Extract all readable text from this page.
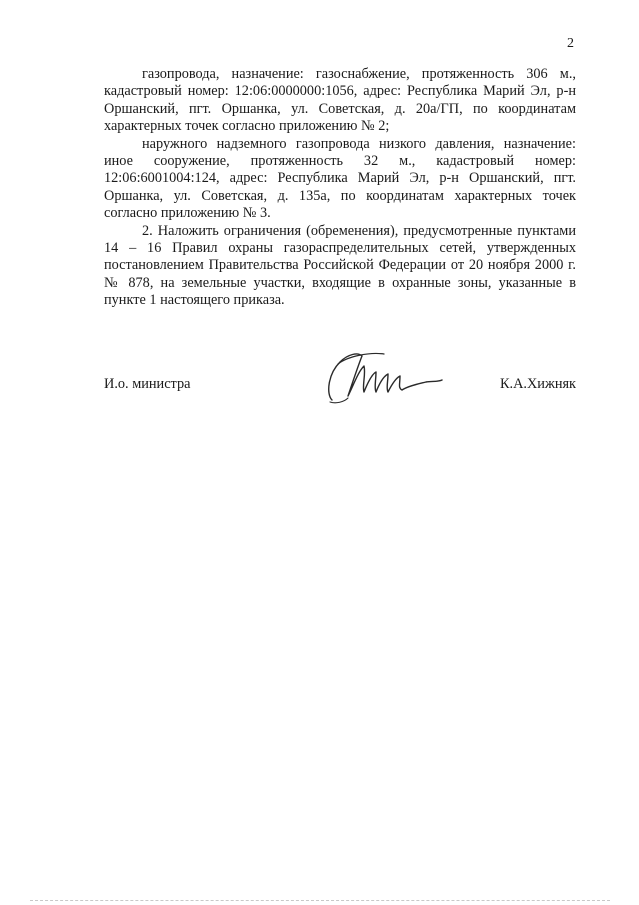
2

газопровода, назначение: газоснабжение, протяженность 306 м., кадастровый номер: 12:06:0000000:1056, адрес: Республика Марий Эл, р-н Оршанский, пгт. Оршанка, ул. Советская, д. 20а/ГП, по координатам характерных точек согласно приложению № 2;

наружного надземного газопровода низкого давления, назначение: иное сооружение, протяженность 32 м., кадастровый номер: 12:06:6001004:124, адрес: Республика Марий Эл, р-н Оршанский, пгт. Оршанка, ул. Советская, д. 135а, по координатам характерных точек согласно приложению № 3.

2. Наложить ограничения (обременения), предусмотренные пунктами 14 – 16 Правил охраны газораспределительных сетей, утвержденных постановлением Правительства Российской Федерации от 20 ноября 2000 г. № 878, на земельные участки, входящие в охранные зоны, указанные в пункте 1 настоящего приказа.

И.о. министра	К.А.Хижняк
